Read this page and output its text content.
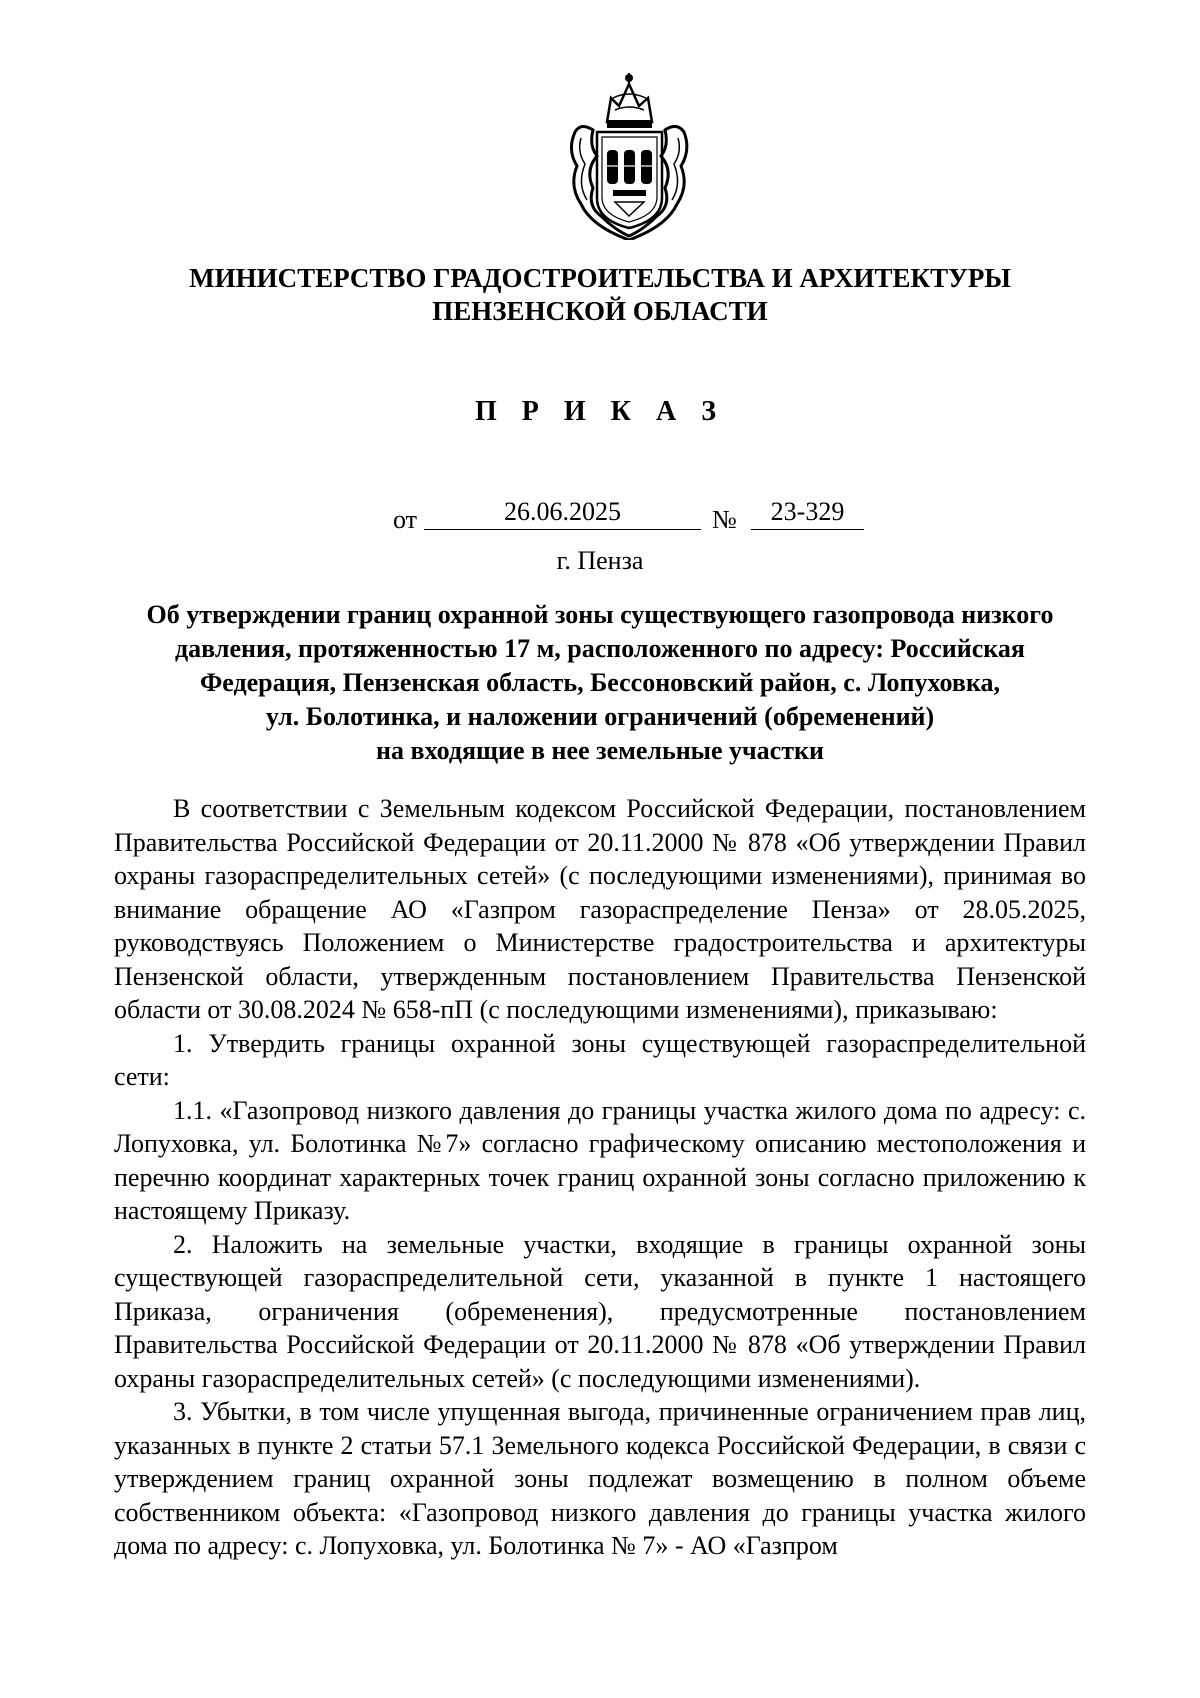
МИНИСТЕРСТВО ГРАДОСТРОИТЕЛЬСТВА И АРХИТЕКТУРЫ
ПЕНЗЕНСКОЙ ОБЛАСТИ
П Р И К А З
от	26.06.2025	№	23-329
г. Пенза
Об утверждении границ охранной зоны существующего газопровода низкого
давления, протяженностью 17 м, расположенного по адресу: Российская
Федерация, Пензенская область, Бессоновский район, с. Лопуховка,
ул. Болотинка, и наложении ограничений (обременений)
на входящие в нее земельные участки

В соответствии с Земельным кодексом Российской Федерации, постановлением Правительства Российской Федерации от 20.11.2000 № 878 «Об утверждении Правил охраны газораспределительных сетей» (с последующими изменениями), принимая во внимание обращение АО «Газпром газораспределение Пенза» от 28.05.2025, руководствуясь Положением о Министерстве градостроительства и архитектуры Пензенской области, утвержденным постановлением Правительства Пензенской области от 30.08.2024 № 658-пП (с последующими изменениями), приказываю:

1. Утвердить границы охранной зоны существующей газораспределительной сети:

1.1. «Газопровод низкого давления до границы участка жилого дома по адресу: с. Лопуховка, ул. Болотинка №7» согласно графическому описанию местоположения и перечню координат характерных точек границ охранной зоны согласно приложению к настоящему Приказу.

2. Наложить на земельные участки, входящие в границы охранной зоны существующей газораспределительной сети, указанной в пункте 1 настоящего Приказа, ограничения (обременения), предусмотренные постановлением Правительства Российской Федерации от 20.11.2000 № 878 «Об утверждении Правил охраны газораспределительных сетей» (с последующими изменениями).

3. Убытки, в том числе упущенная выгода, причиненные ограничением прав лиц, указанных в пункте 2 статьи 57.1 Земельного кодекса Российской Федерации, в связи с утверждением границ охранной зоны подлежат возмещению в полном объеме собственником объекта: «Газопровод низкого давления до границы участка жилого дома по адресу: с. Лопуховка, ул. Болотинка № 7» - АО «Газпром
